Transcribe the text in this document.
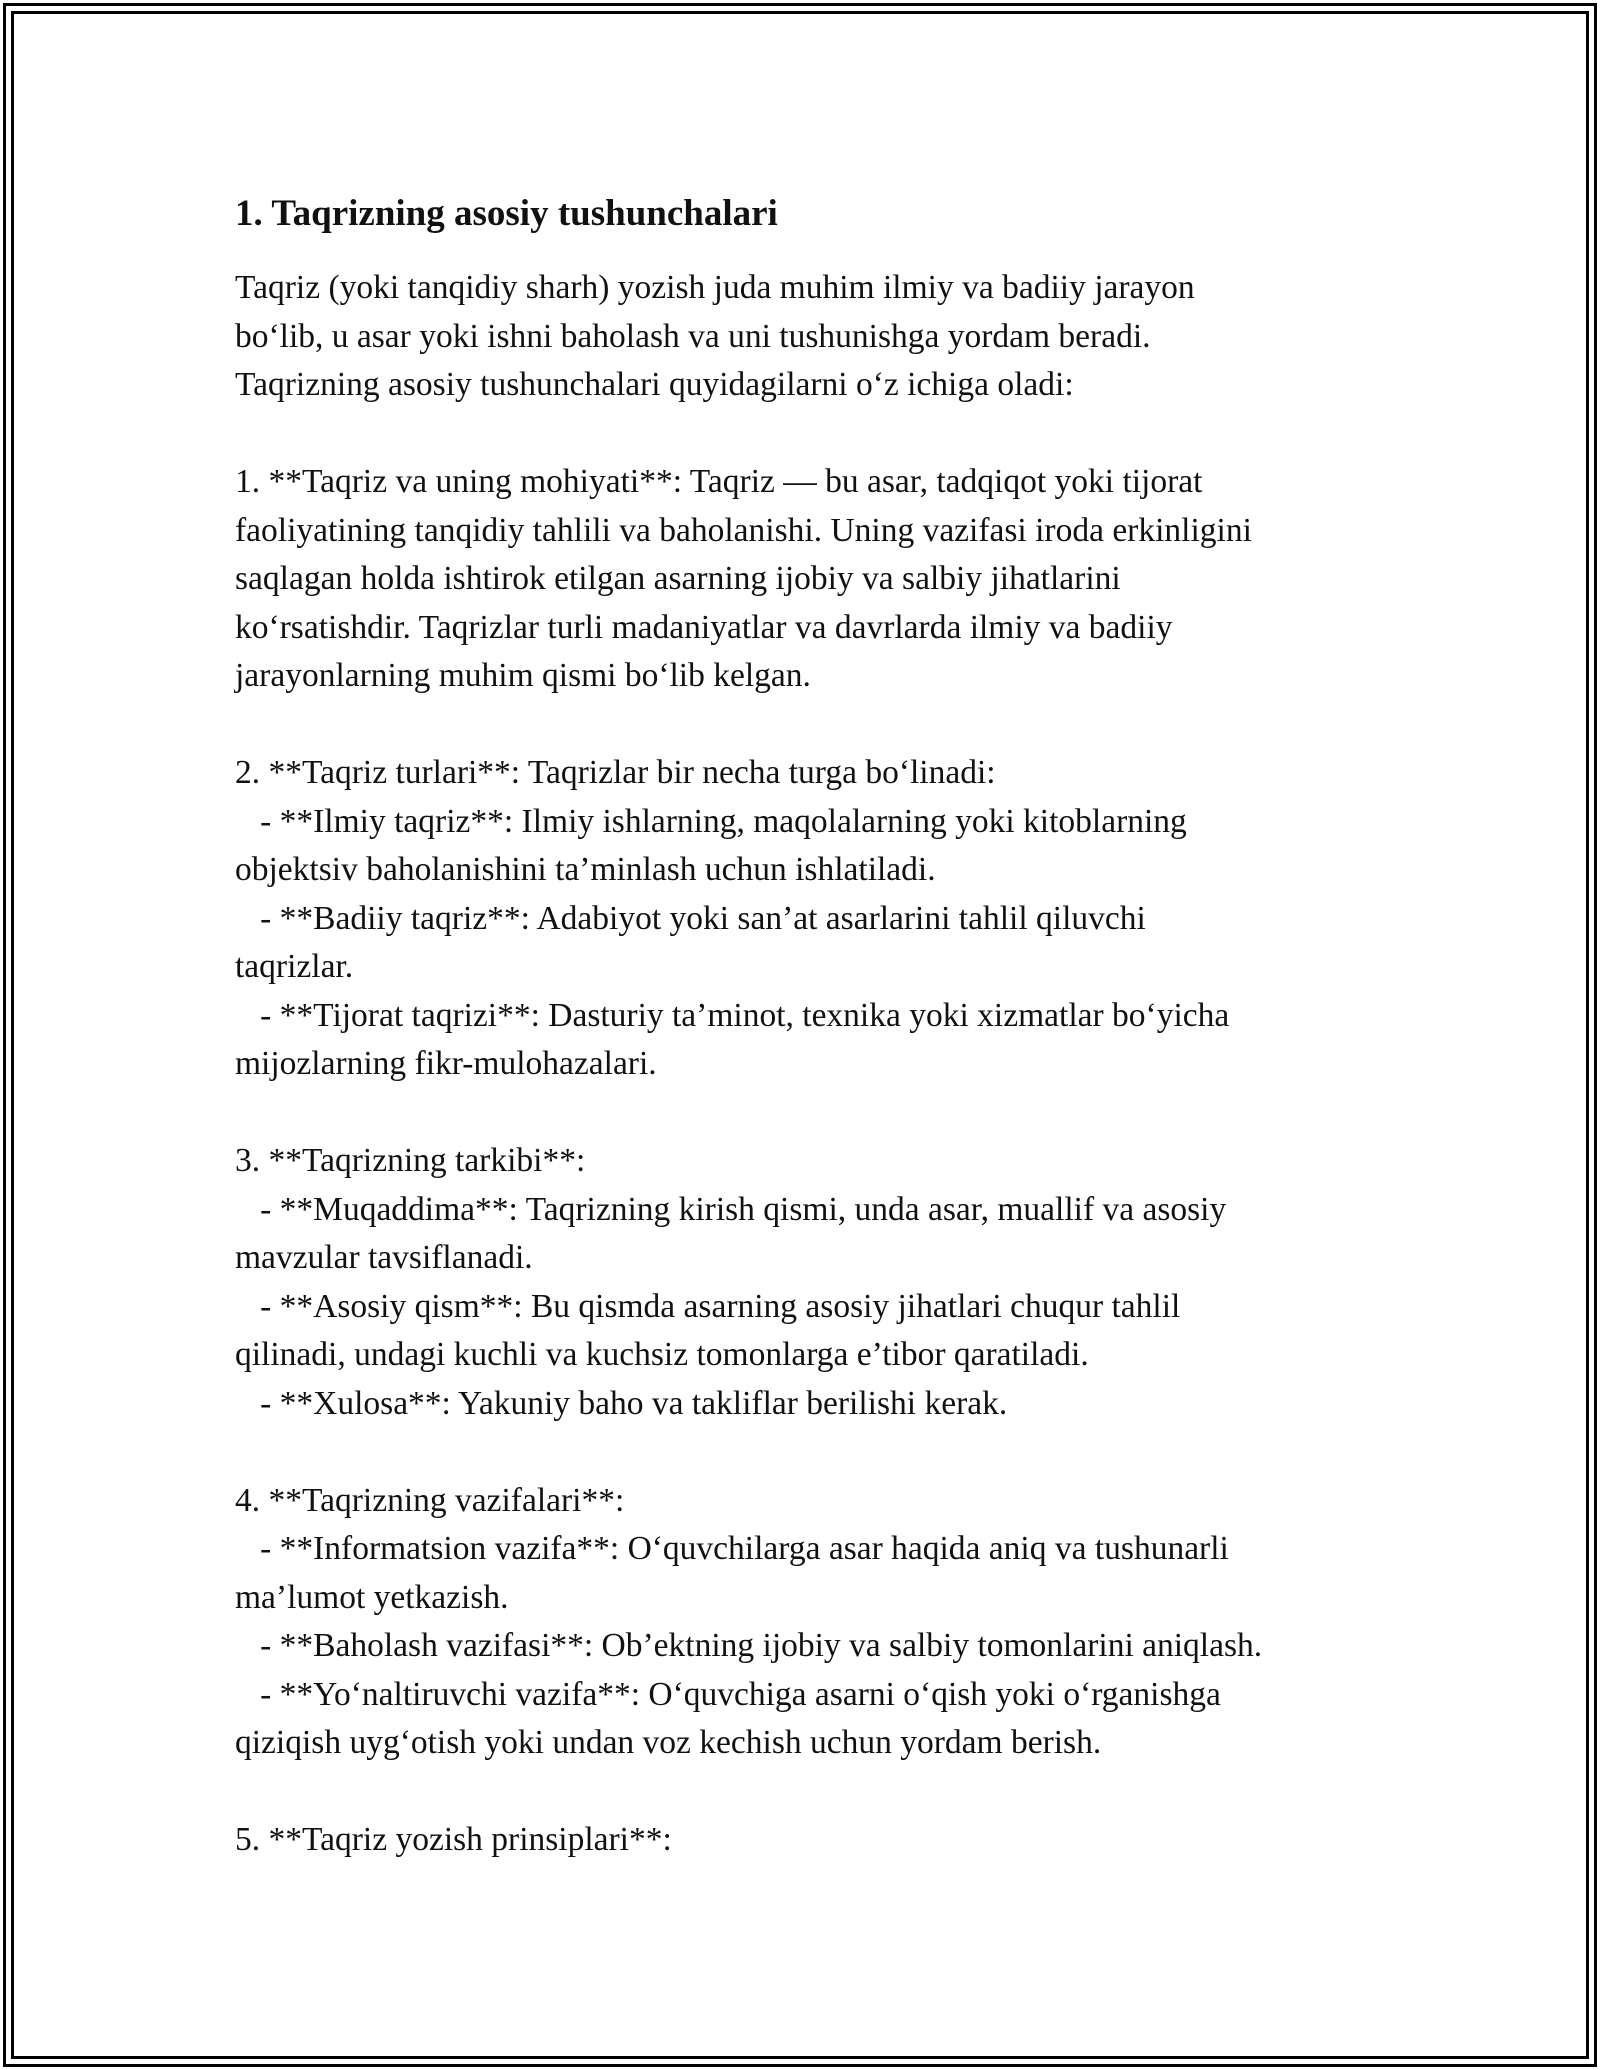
1. Taqrizning asosiy tushunchalari

Taqriz (yoki tanqidiy sharh) yozish juda muhim ilmiy va badiiy jarayon

bo‘lib, u asar yoki ishni baholash va uni tushunishga yordam beradi.

Taqrizning asosiy tushunchalari quyidagilarni o‘z ichiga oladi:

1. **Taqriz va uning mohiyati**: Taqriz — bu asar, tadqiqot yoki tijorat

faoliyatining tanqidiy tahlili va baholanishi. Uning vazifasi iroda erkinligini

saqlagan holda ishtirok etilgan asarning ijobiy va salbiy jihatlarini

ko‘rsatishdir. Taqrizlar turli madaniyatlar va davrlarda ilmiy va badiiy

jarayonlarning muhim qismi bo‘lib kelgan.

2. **Taqriz turlari**: Taqrizlar bir necha turga bo‘linadi:

- **Ilmiy taqriz**: Ilmiy ishlarning, maqolalarning yoki kitoblarning

objektsiv baholanishini ta’minlash uchun ishlatiladi.

- **Badiiy taqriz**: Adabiyot yoki san’at asarlarini tahlil qiluvchi

taqrizlar.

- **Tijorat taqrizi**: Dasturiy ta’minot, texnika yoki xizmatlar bo‘yicha

mijozlarning fikr-mulohazalari.

3. **Taqrizning tarkibi**:

- **Muqaddima**: Taqrizning kirish qismi, unda asar, muallif va asosiy

mavzular tavsiflanadi.

- **Asosiy qism**: Bu qismda asarning asosiy jihatlari chuqur tahlil

qilinadi, undagi kuchli va kuchsiz tomonlarga e’tibor qaratiladi.

- **Xulosa**: Yakuniy baho va takliflar berilishi kerak.

4. **Taqrizning vazifalari**:

- **Informatsion vazifa**: O‘quvchilarga asar haqida aniq va tushunarli

ma’lumot yetkazish.

- **Baholash vazifasi**: Ob’ektning ijobiy va salbiy tomonlarini aniqlash.

- **Yo‘naltiruvchi vazifa**: O‘quvchiga asarni o‘qish yoki o‘rganishga

qiziqish uyg‘otish yoki undan voz kechish uchun yordam berish.

5. **Taqriz yozish prinsiplari**:
